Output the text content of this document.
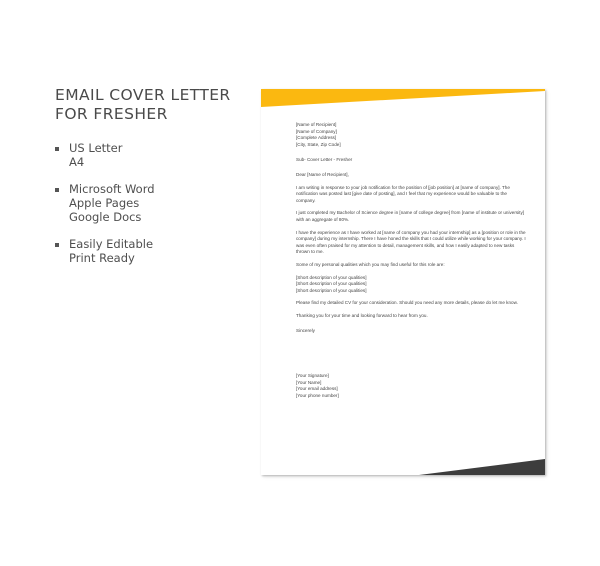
EMAIL COVER LETTER
FOR FRESHER
US Letter
A4
Microsoft Word
Apple Pages
Google Docs
Easily Editable
Print Ready

[Name of Recipient]
[Name of Company]
[Complete Address]
[City, State, Zip Code]

Sub- Cover Letter - Fresher

Dear [Name of Recipient],

I am writing in response to your job notification for the position of [job position] at [name of company]. The notification was posted last [give date of posting], and I feel that my experience would be valuable to the company.

I just completed my Bachelor of Science degree in [name of college degree] from [name of institute or university] with an aggregate of 80%.

I have the experience as I have worked at [name of company you had your internship] as a [position or role in the company] during my internship. There I have honed the skills that I could utilize while working for your company. I was even often praised for my attention to detail, management skills, and how I easily adapted to new tasks thrown to me.

Some of my personal qualities which you may find useful for this role are:

[Short description of your qualities]
[Short description of your qualities]
[Short description of your qualities]

Please find my detailed CV for your consideration. Should you need any more details, please do let me know.

Thanking you for your time and looking forward to hear from you.

Sincerely

[Your Signature]
[Your Name]
[Your email address]
[Your phone number]
